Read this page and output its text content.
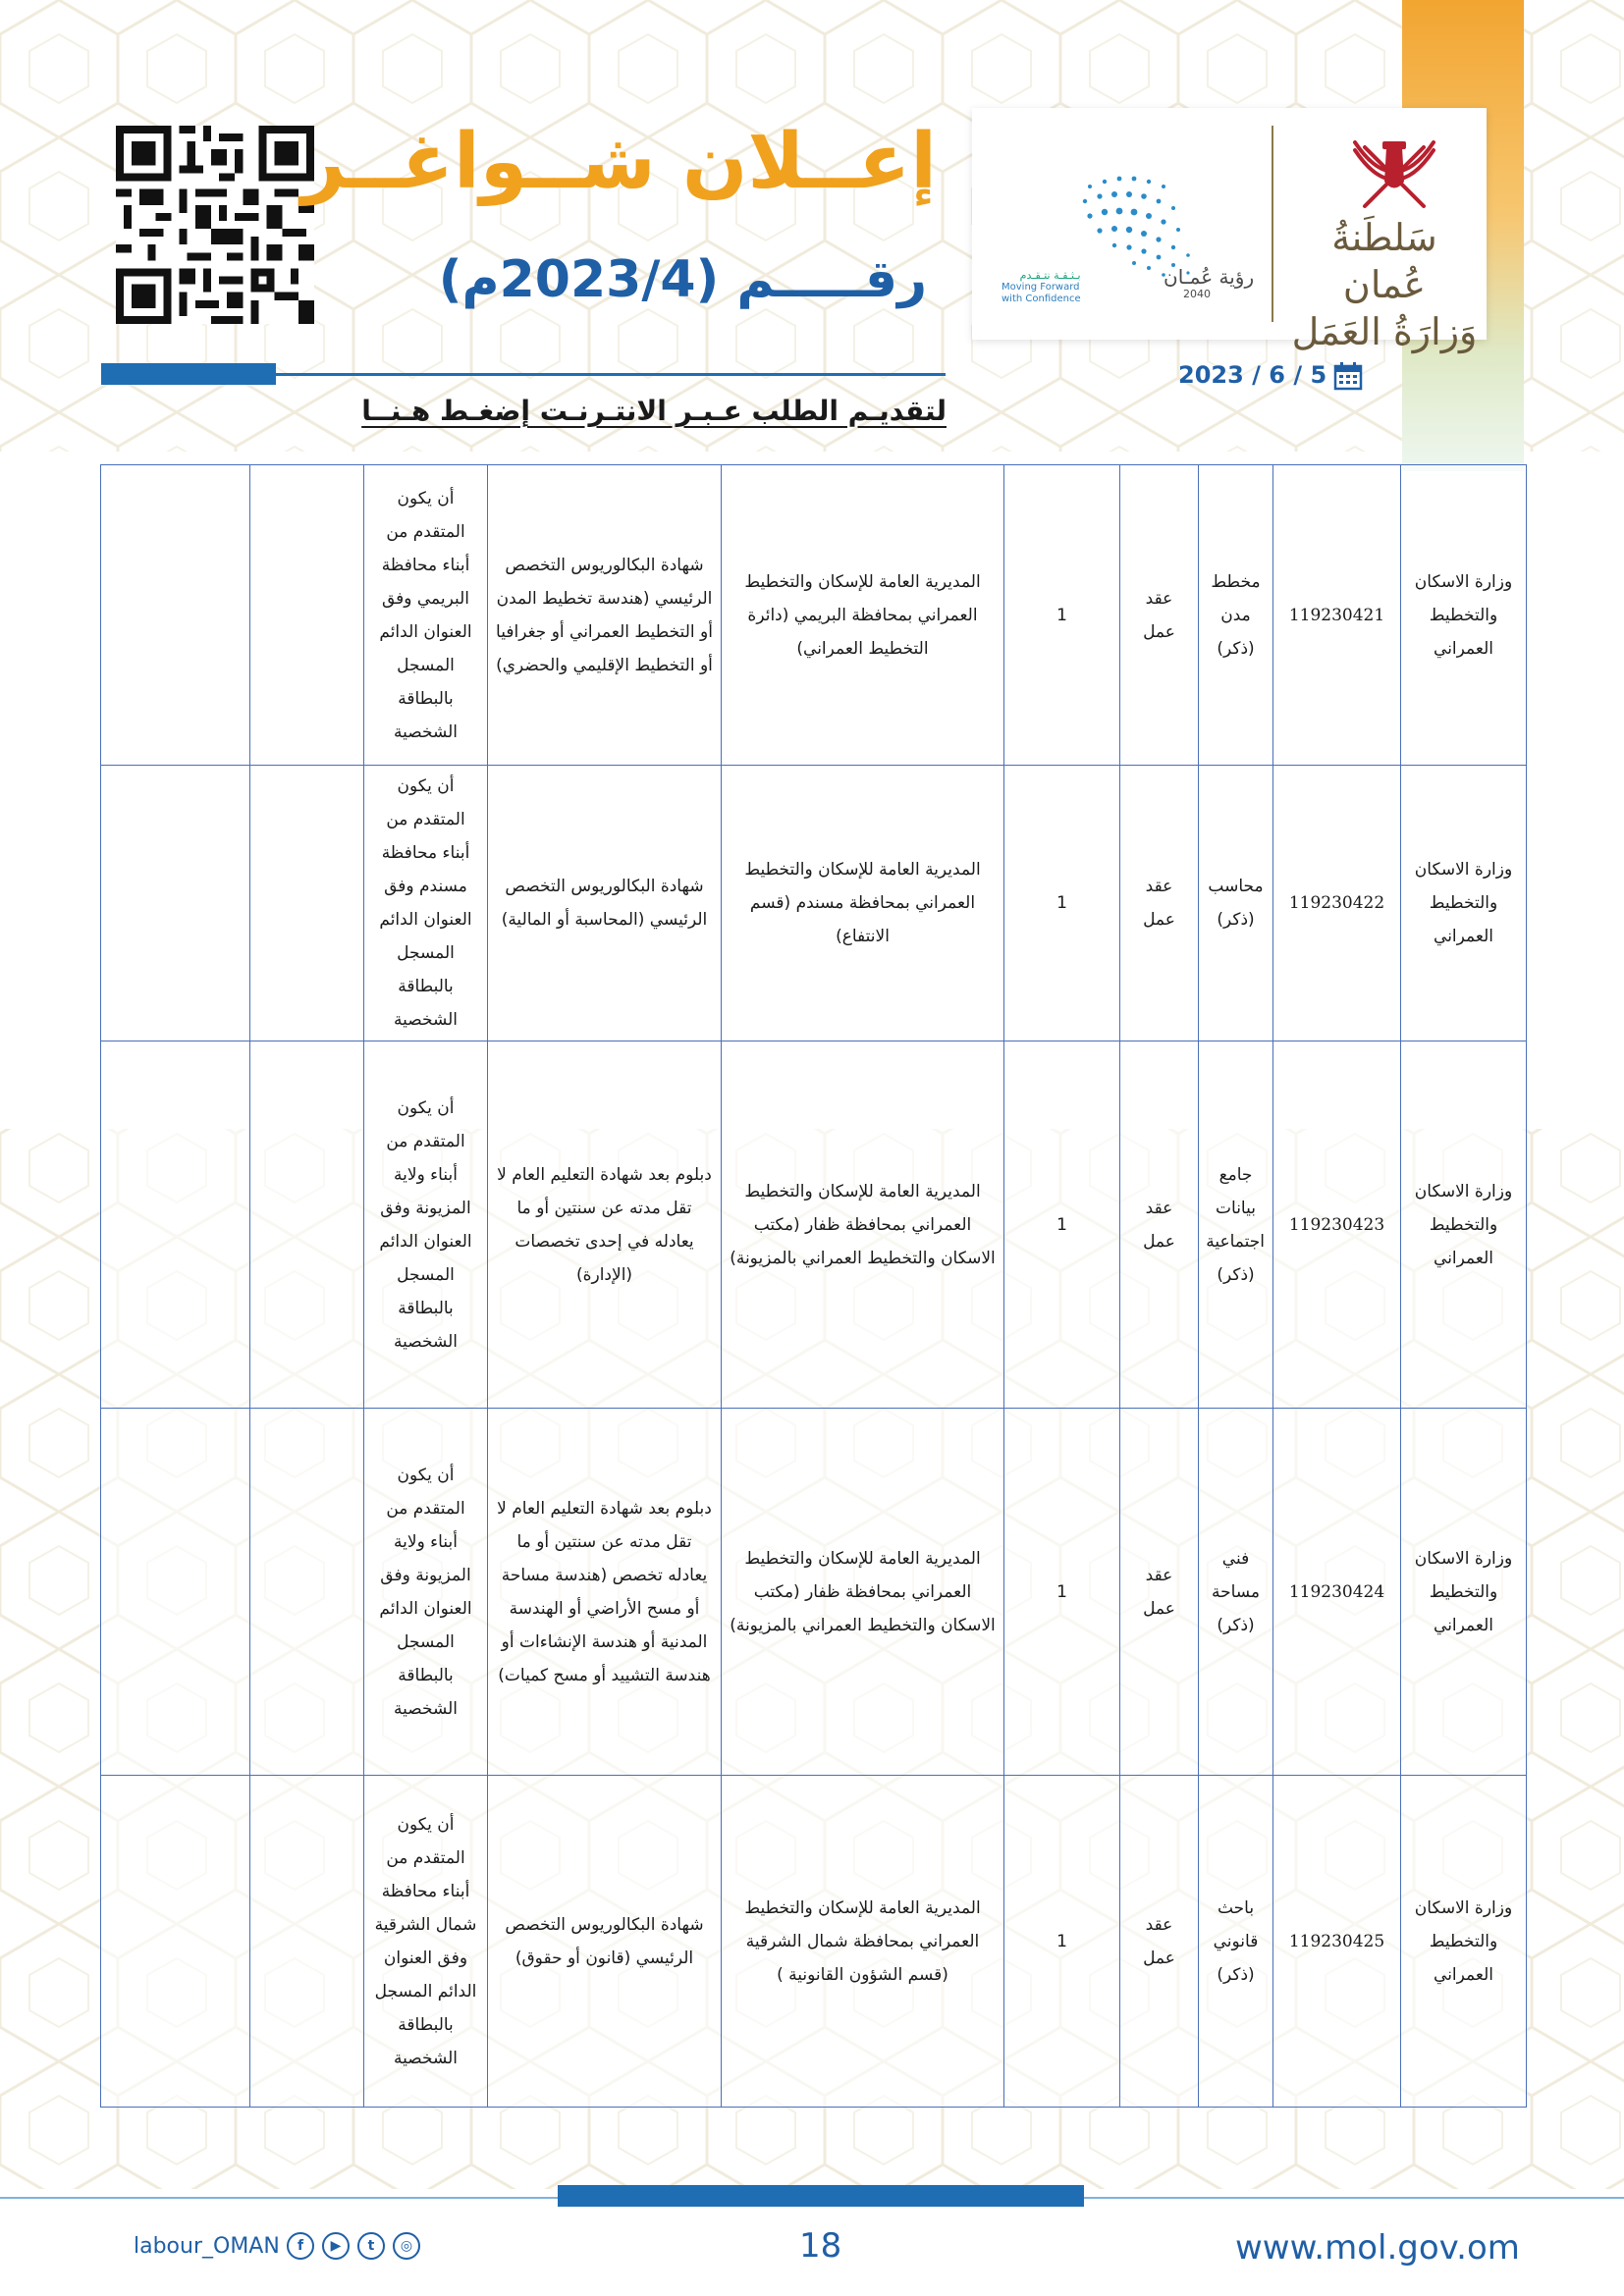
رؤية عُمـان
2040
بـثـقـة نتـقـدم
Moving Forward
with Confidence
سَلطَنةُ عُمان
وَزارَةُ العَمَل
إعــلان شــواغــر
رقـــــم (2023/4م)
لتقديـم الطلب عـبـر الانتـرنـت إضغـط هـنــا
2023 / 6 / 5
وزارة الاسكان والتخطيط العمراني	119230421	مخطط مدن (ذكر)	عقد عمل	1	المديرية العامة للإسكان والتخطيط العمراني بمحافظة البريمي (دائرة التخطيط العمراني)	شهادة البكالوريوس التخصص الرئيسي (هندسة تخطيط المدن أو التخطيط العمراني أو جغرافيا أو التخطيط الإقليمي والحضري)	أن يكون المتقدم من أبناء محافظة البريمي وفق العنوان الدائم المسجل بالبطاقة الشخصية		
وزارة الاسكان والتخطيط العمراني	119230422	محاسب (ذكر)	عقد عمل	1	المديرية العامة للإسكان والتخطيط العمراني بمحافظة مسندم (قسم الانتفاع)	شهادة البكالوريوس التخصص الرئيسي (المحاسبة أو المالية)	أن يكون المتقدم من أبناء محافظة مسندم وفق العنوان الدائم المسجل بالبطاقة الشخصية		
وزارة الاسكان والتخطيط العمراني	119230423	جامع بيانات اجتماعية (ذكر)	عقد عمل	1	المديرية العامة للإسكان والتخطيط العمراني بمحافظة ظفار (مكتب الاسكان والتخطيط العمراني بالمزيونة)	دبلوم بعد شهادة التعليم العام لا تقل مدته عن سنتين أو ما يعادله في إحدى تخصصات (الإدارة)	أن يكون المتقدم من أبناء ولاية المزيونة وفق العنوان الدائم المسجل بالبطاقة الشخصية		
وزارة الاسكان والتخطيط العمراني	119230424	فني مساحة (ذكر)	عقد عمل	1	المديرية العامة للإسكان والتخطيط العمراني بمحافظة ظفار (مكتب الاسكان والتخطيط العمراني بالمزيونة)	دبلوم بعد شهادة التعليم العام لا تقل مدته عن سنتين أو ما يعادله تخصص (هندسة مساحة أو مسح الأراضي أو الهندسة المدنية أو هندسة الإنشاءات أو هندسة التشييد أو مسح كميات)	أن يكون المتقدم من أبناء ولاية المزيونة وفق العنوان الدائم المسجل بالبطاقة الشخصية		
وزارة الاسكان والتخطيط العمراني	119230425	باحث قانوني (ذكر)	عقد عمل	1	المديرية العامة للإسكان والتخطيط العمراني بمحافظة شمال الشرقية (قسم الشؤون القانونية )	شهادة البكالوريوس التخصص الرئيسي (قانون أو حقوق)	أن يكون المتقدم من أبناء محافظة شمال الشرقية وفق العنوان الدائم المسجل بالبطاقة الشخصية		
18	www.mol.gov.om
labour_OMAN	f	▶	t	◎
